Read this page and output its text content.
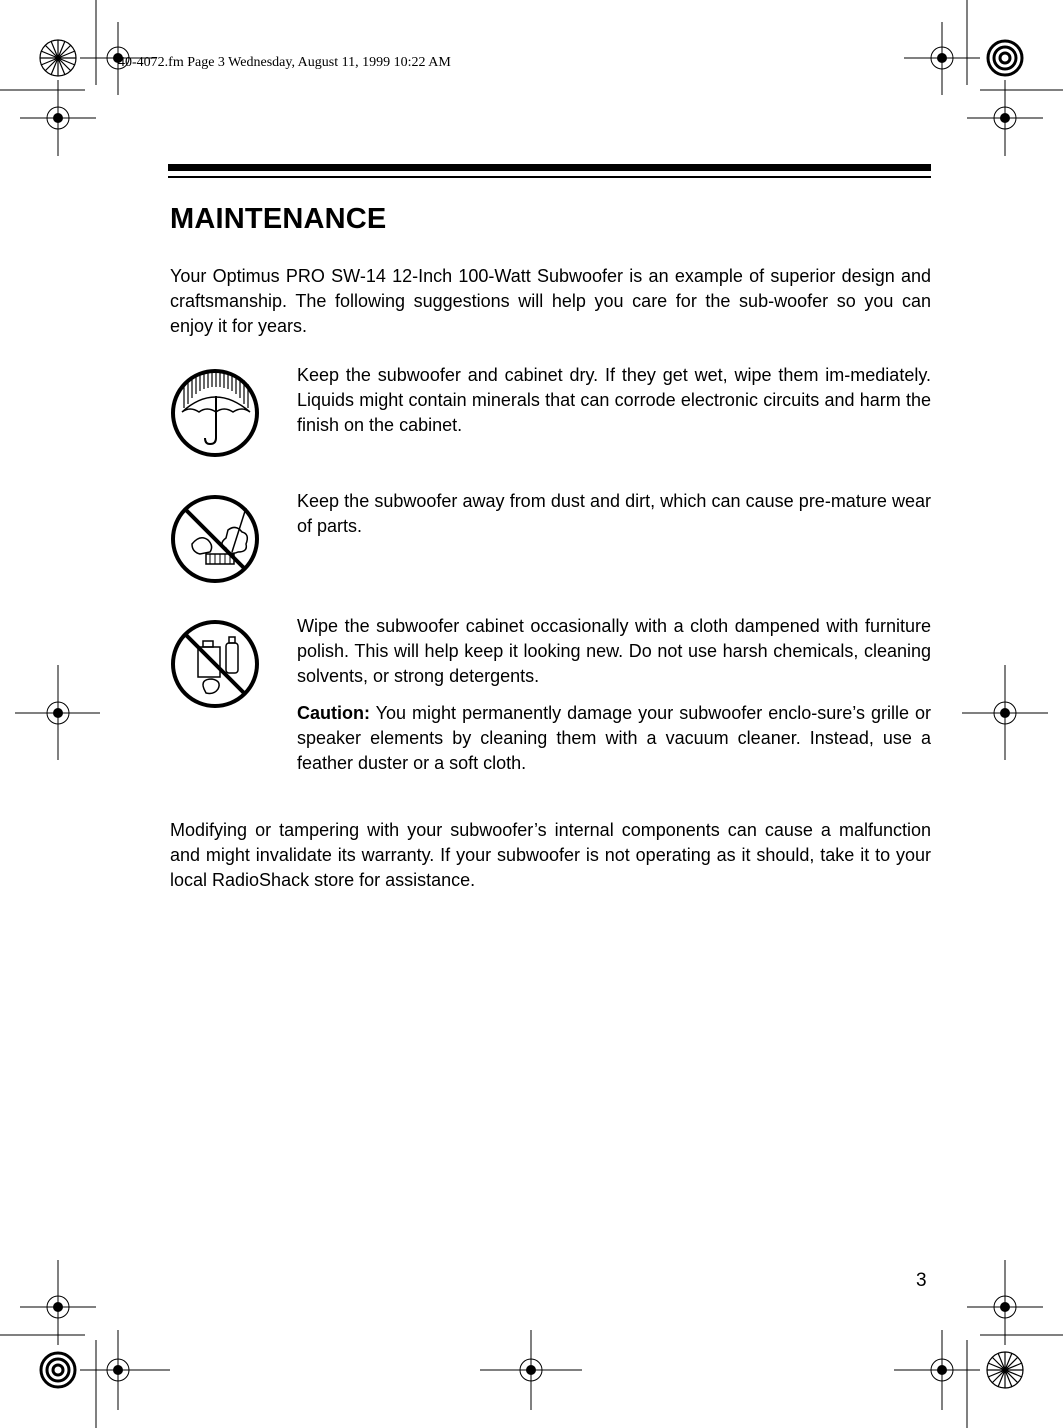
40-4072.fm Page 3 Wednesday, August 11, 1999 10:22 AM
MAINTENANCE

Your Optimus PRO SW-14 12-Inch 100-Watt Subwoofer is an example of superior design and craftsmanship. The following suggestions will help you care for the sub-woofer so you can enjoy it for years.

Keep the subwoofer and cabinet dry. If they get wet, wipe them im-mediately. Liquids might contain minerals that can corrode electronic circuits and harm the finish on the cabinet.

Keep the subwoofer away from dust and dirt, which can cause pre-mature wear of parts.

Wipe the subwoofer cabinet occasionally with a cloth dampened with furniture polish. This will help keep it looking new. Do not use harsh chemicals, cleaning solvents, or strong detergents.

Caution: You might permanently damage your subwoofer enclo-sure’s grille or speaker elements by cleaning them with a vacuum cleaner. Instead, use a feather duster or a soft cloth.

Modifying or tampering with your subwoofer’s internal components can cause a malfunction and might invalidate its warranty. If your subwoofer is not operating as it should, take it to your local RadioShack store for assistance.

3
